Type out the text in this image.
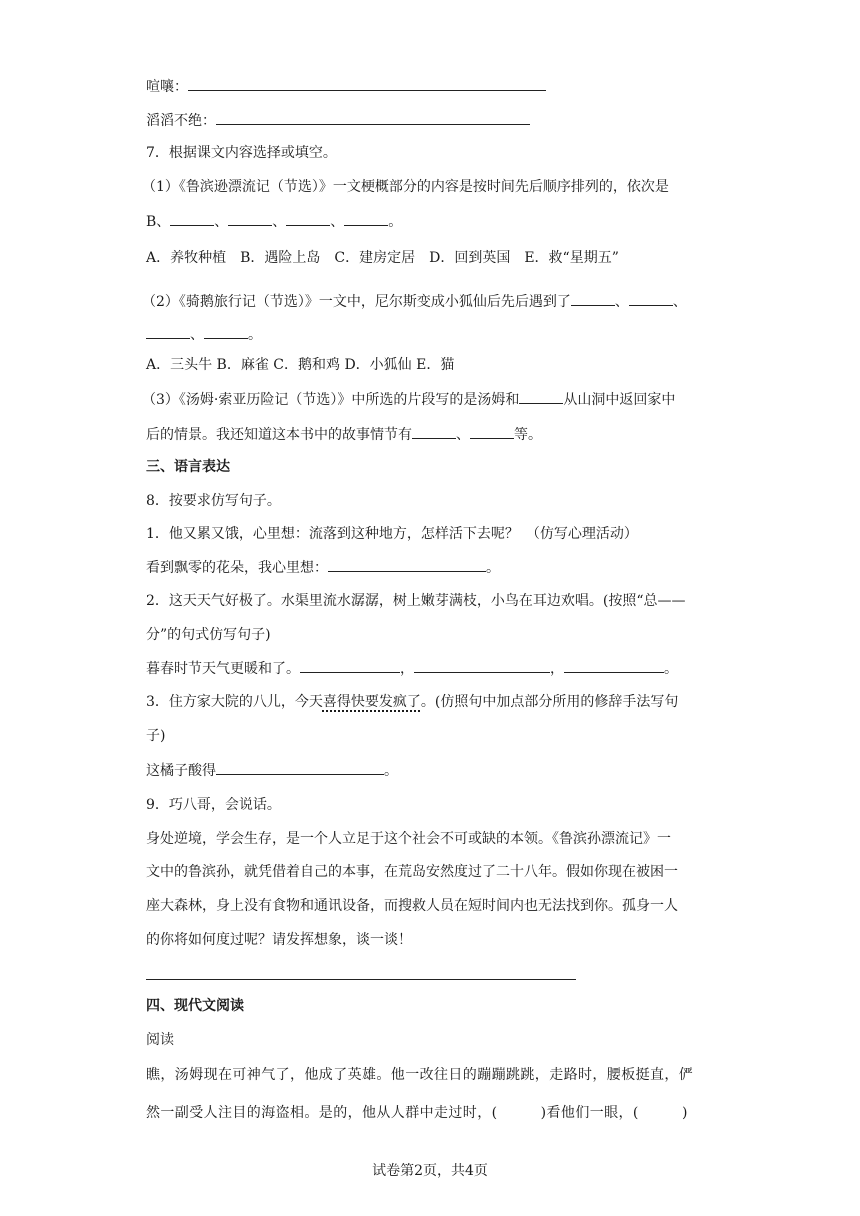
喧嚷：
滔滔不绝：
7．根据课文内容选择或填空。
（1）《鲁滨逊漂流记（节选）》一文梗概部分的内容是按时间先后顺序排列的，依次是
B、	、	、	、	。
A．养牧种植　B．遇险上岛　C．建房定居　D．回到英国　E．救“星期五”
（2）《骑鹅旅行记（节选）》一文中，尼尔斯变成小狐仙后先后遇到了	、	、
、	。
A．三头牛 B．麻雀 C．鹅和鸡 D．小狐仙 E．猫
（3）《汤姆·索亚历险记（节选）》中所选的片段写的是汤姆和	从山洞中返回家中
后的情景。我还知道这本书中的故事情节有	、	等。
三、语言表达
8．按要求仿写句子。
1．他又累又饿，心里想：流落到这种地方，怎样活下去呢？　（仿写心理活动）
看到飘零的花朵，我心里想：	。
2．这天天气好极了。水渠里流水潺潺，树上嫩芽满枝，小鸟在耳边欢唱。(按照“总——
分”的句式仿写句子)
暮春时节天气更暖和了。	，	，	。
3．住方家大院的八儿，今天喜得快要发疯了。(仿照句中加点部分所用的修辞手法写句
子)
这橘子酸得	。
9．巧八哥，会说话。
身处逆境，学会生存，是一个人立足于这个社会不可或缺的本领。《鲁滨孙漂流记》一
文中的鲁滨孙，就凭借着自己的本事，在荒岛安然度过了二十八年。假如你现在被困一
座大森林，身上没有食物和通讯设备，而搜救人员在短时间内也无法找到你。孤身一人
的你将如何度过呢？请发挥想象，谈一谈！
四、现代文阅读
阅读
瞧，汤姆现在可神气了，他成了英雄。他一改往日的蹦蹦跳跳，走路时，腰板挺直，俨
然一副受人注目的海盗相。是的，他从人群中走过时，(　　　)看他们一眼，(　　　)
试卷第2页，共4页
